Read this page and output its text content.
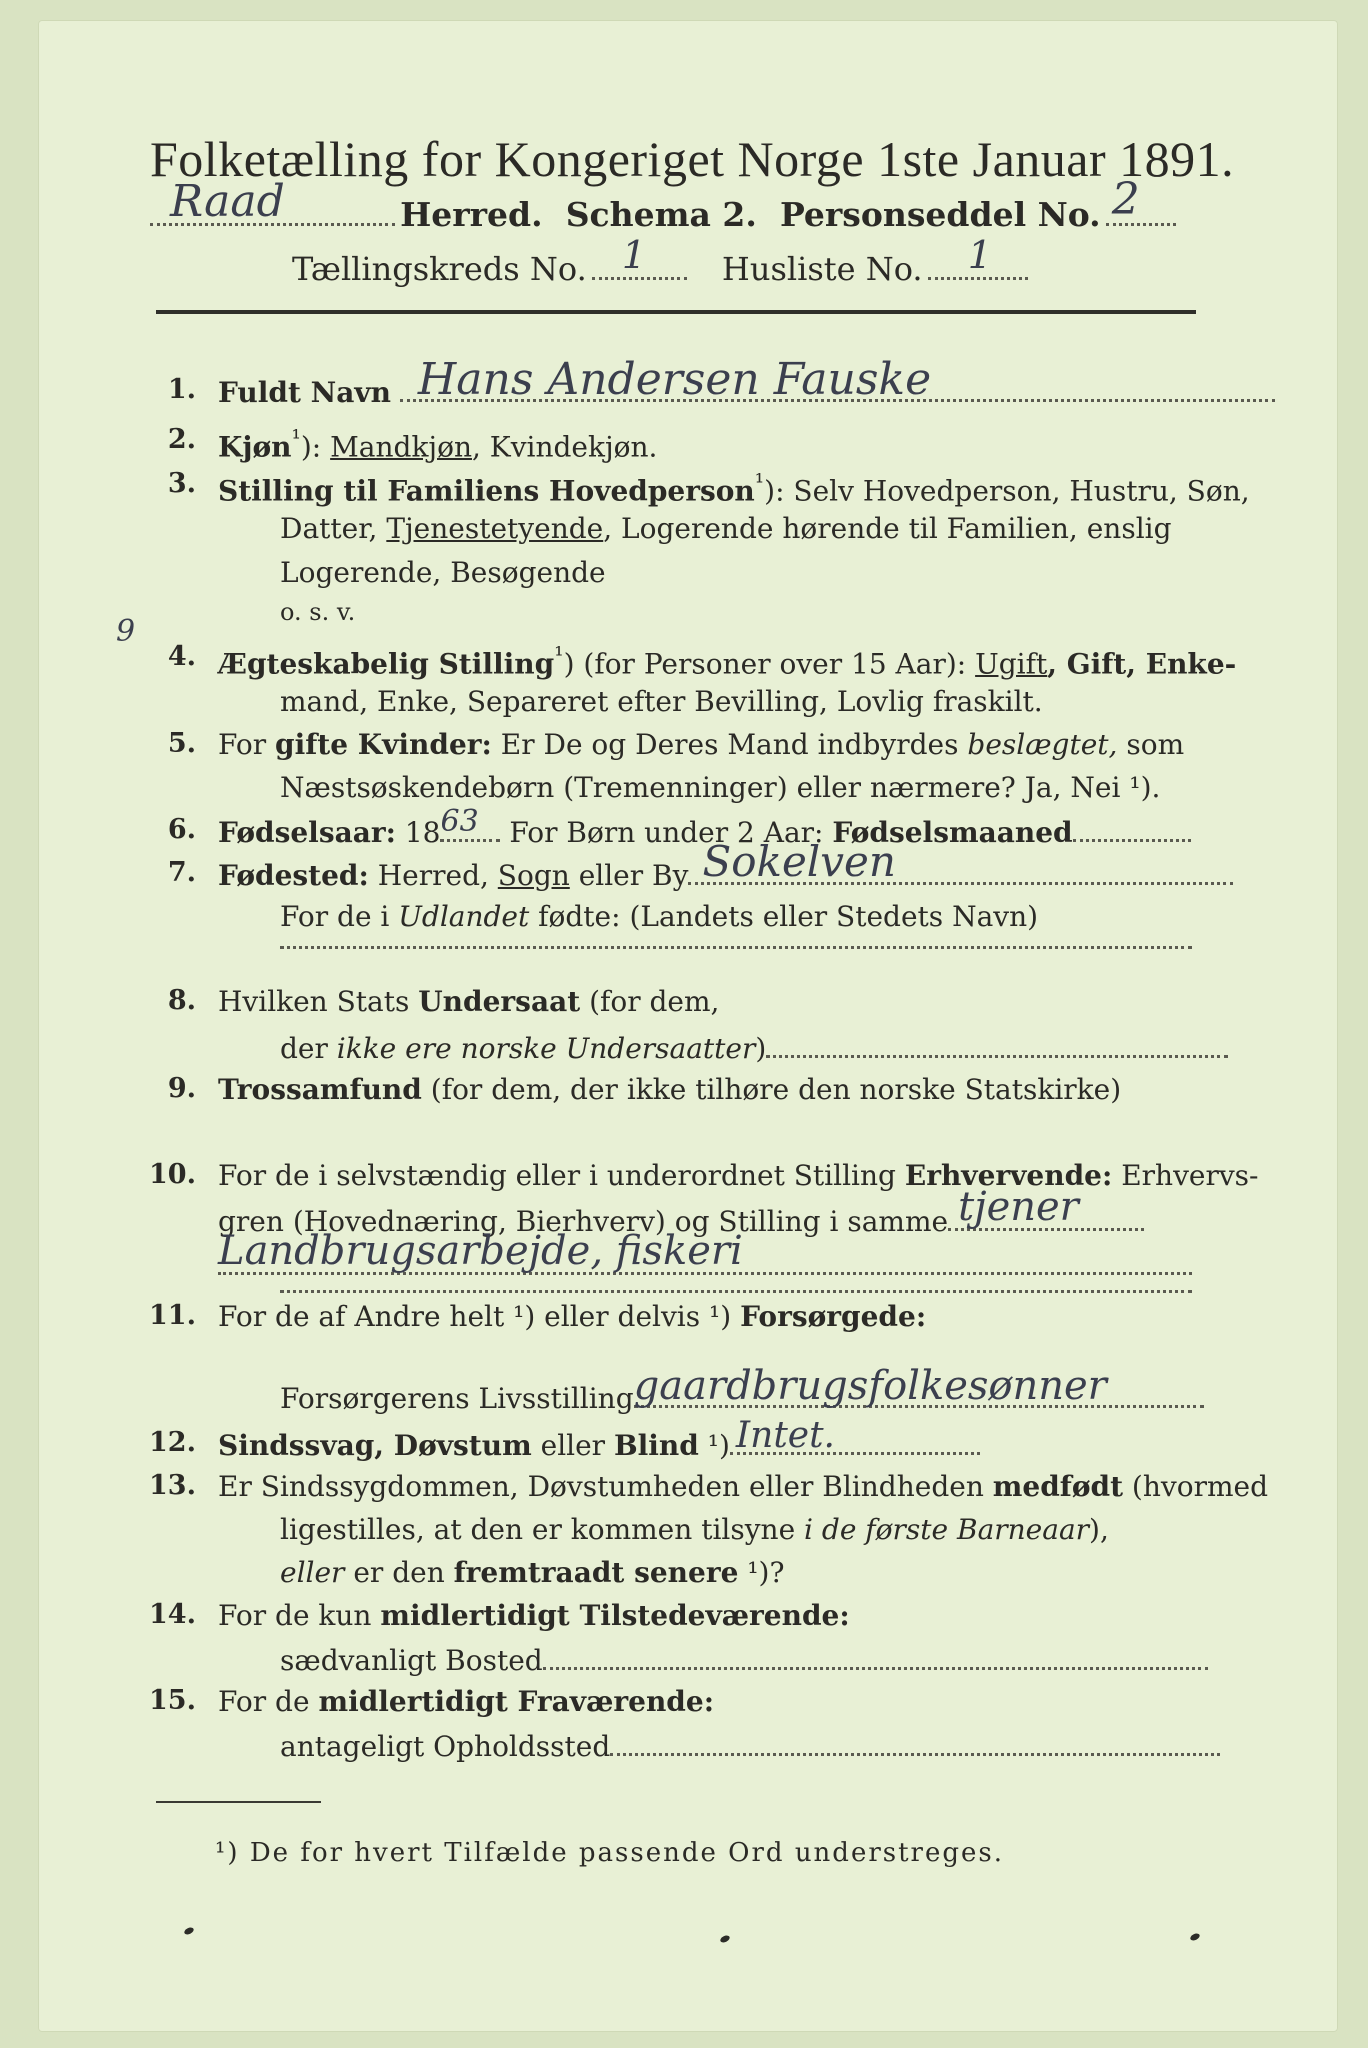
Folketælling for Kongeriget Norge 1ste Januar 1891.
Raad	Herred. Schema 2. Personseddel No. 2
Tællingskreds No. 1 Husliste No. 1
1.
2.
3.
4.
5.
6.
7.
8.
9.
10.
11.
12.
13.
14.
15.
Fuldt Navn Hans Andersen Fauske
Kjøn$^{^1}$): Mandkjøn, Kvindekjøn.
Stilling til Familiens Hovedperson$^{^1}$): Selv Hovedperson, Hustru, Søn,
Datter, Tjenestetyende, Logerende hørende til Familien, enslig
Logerende, Besøgende
o. s. v.
9
Ægteskabelig Stilling$^{^1}$) (for Personer over 15 Aar): Ugift, Gift, Enke-
mand, Enke, Separeret efter Bevilling, Lovlig fraskilt.
For gifte Kvinder: Er De og Deres Mand indbyrdes beslægtet, som
Næstsøskendebørn (Tremenninger) eller nærmere? Ja, Nei ¹).
Fødselsaar: 18 63 For Børn under 2 Aar: Fødselsmaaned
Fødested: Herred, Sogn eller By Sokelven
For de i Udlandet fødte: (Landets eller Stedets Navn)
Hvilken Stats Undersaat (for dem,
der ikke ere norske Undersaatter)
Trossamfund (for dem, der ikke tilhøre den norske Statskirke)
For de i selvstændig eller i underordnet Stilling Erhvervende: Erhvervs-
gren (Hovednæring, Bierhverv) og Stilling i samme tjener
Landbrugsarbejde, fiskeri
For de af Andre helt ¹) eller delvis ¹) Forsørgede:
Forsørgerens Livsstilling gaardbrugsfolkesønner
Sindssvag, Døvstum eller Blind ¹) Intet.
Er Sindssygdommen, Døvstumheden eller Blindheden medfødt (hvormed
ligestilles, at den er kommen tilsyne i de første Barneaar),
eller er den fremtraadt senere ¹)?
For de kun midlertidigt Tilstedeværende:
sædvanligt Bosted
For de midlertidigt Fraværende:
antageligt Opholdssted
¹) De for hvert Tilfælde passende Ord understreges.
